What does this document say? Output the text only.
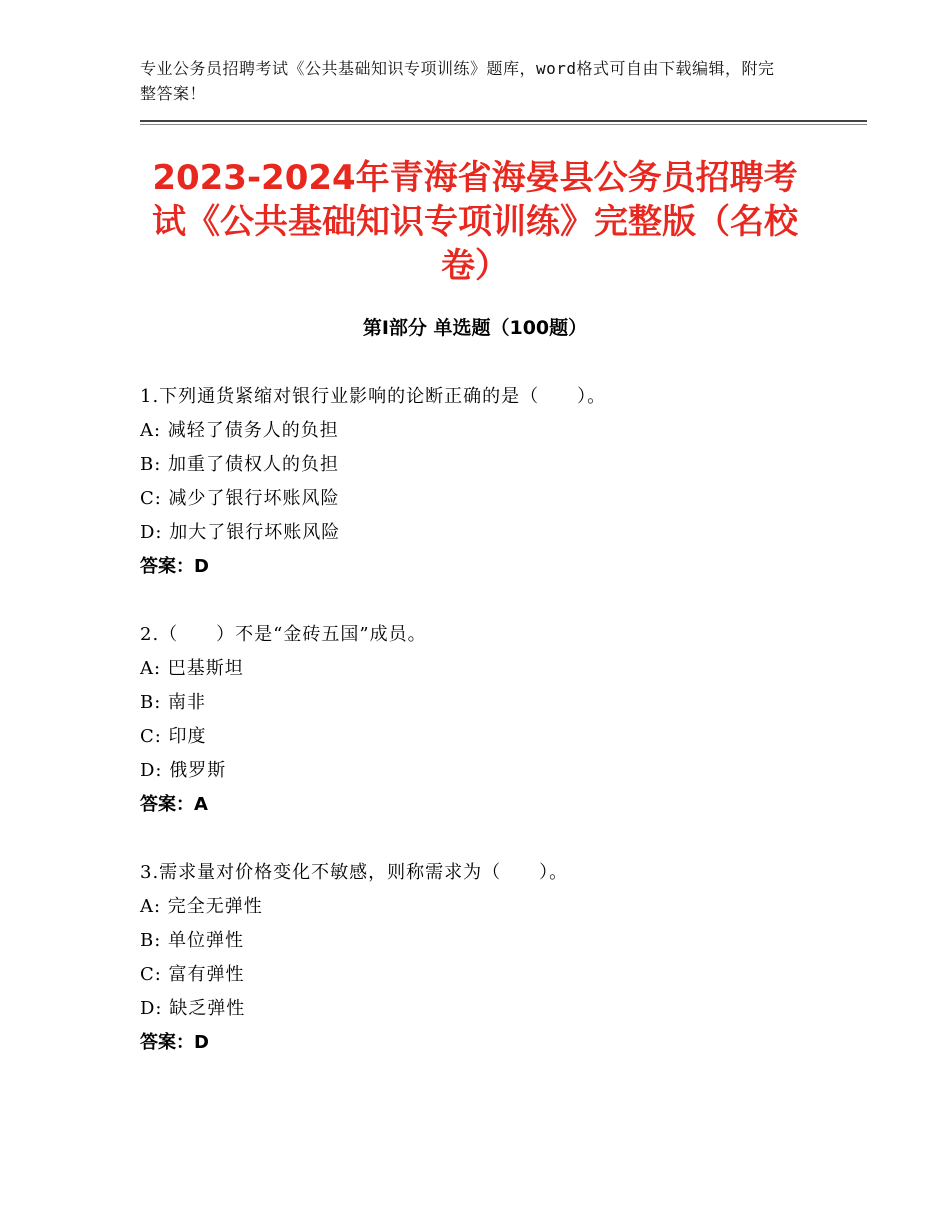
专业公务员招聘考试《公共基础知识专项训练》题库，word格式可自由下载编辑，附完整答案！
2023-2024年青海省海晏县公务员招聘考试《公共基础知识专项训练》完整版（名校卷）
第Ⅰ部分 单选题（100题）
1.下列通货紧缩对银行业影响的论断正确的是（　　）。
A: 减轻了债务人的负担
B: 加重了债权人的负担
C: 减少了银行坏账风险
D: 加大了银行坏账风险
答案：D
2.（　　）不是“金砖五国”成员。
A: 巴基斯坦
B: 南非
C: 印度
D: 俄罗斯
答案：A
3.需求量对价格变化不敏感，则称需求为（　　）。
A: 完全无弹性
B: 单位弹性
C: 富有弹性
D: 缺乏弹性
答案：D
